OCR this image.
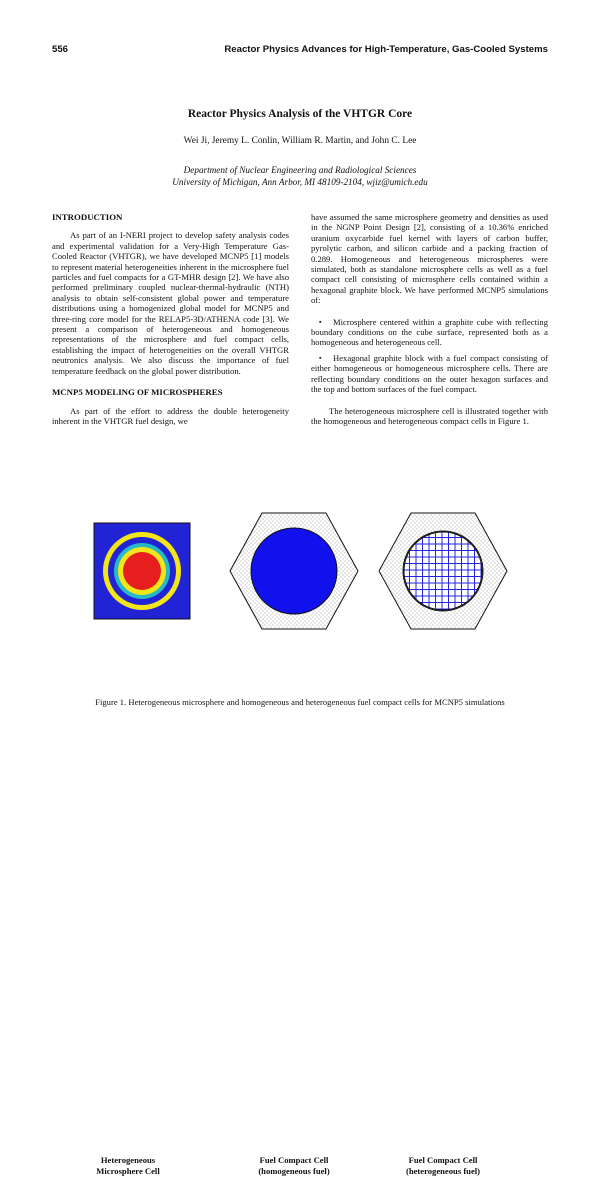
556	Reactor Physics Advances for High-Temperature, Gas-Cooled Systems
Reactor Physics Analysis of the VHTGR Core
Wei Ji, Jeremy L. Conlin, William R. Martin, and John C. Lee
Department of Nuclear Engineering and Radiological Sciences
University of Michigan, Ann Arbor, MI 48109-2104, wjiz@umich.edu
INTRODUCTION

As part of an I-NERI project to develop safety analysis codes and experimental validation for a Very-High Temperature Gas-Cooled Reactor (VHTGR), we have developed MCNP5 [1] models to represent material heterogeneities inherent in the microsphere fuel particles and fuel compacts for a GT-MHR design [2]. We have also performed preliminary coupled nuclear-thermal-hydraulic (NTH) analysis to obtain self-consistent global power and temperature distributions using a homogenized global model for MCNP5 and three-ring core model for the RELAP5-3D/ATHENA code [3]. We present a comparison of heterogeneous and homogeneous representations of the microsphere and fuel compact cells, establishing the impact of heterogeneities on the overall VHTGR neutronics analysis. We also discuss the importance of fuel temperature feedback on the global power distribution.

MCNP5 MODELING OF MICROSPHERES

As part of the effort to address the double heterogeneity inherent in the VHTGR fuel design, we

have assumed the same microsphere geometry and densities as used in the NGNP Point Design [2], consisting of a 10.36% enriched uranium oxycarbide fuel kernel with layers of carbon buffer, pyrolytic carbon, and silicon carbide and a packing fraction of 0.289. Homogeneous and heterogeneous microspheres were simulated, both as standalone microsphere cells as well as a fuel compact cell consisting of microsphere cells contained within a hexagonal graphite block. We have performed MCNP5 simulations of:

▪ Microsphere centered within a graphite cube with reflecting boundary conditions on the cube surface, represented both as a homogeneous and heterogeneous cell.

▪ Hexagonal graphite block with a fuel compact consisting of either homogeneous or homogeneous microsphere cells. There are reflecting boundary conditions on the outer hexagon surfaces and the top and bottom surfaces of the fuel compact.

The heterogeneous microsphere cell is illustrated together with the homogeneous and heterogeneous compact cells in Figure 1.

Heterogeneous
Microsphere Cell
Fuel Compact Cell
(homogeneous fuel)
Fuel Compact Cell
(heterogeneous fuel)
Figure 1. Heterogeneous microsphere and homogeneous and heterogeneous fuel compact cells for MCNP5 simulations
